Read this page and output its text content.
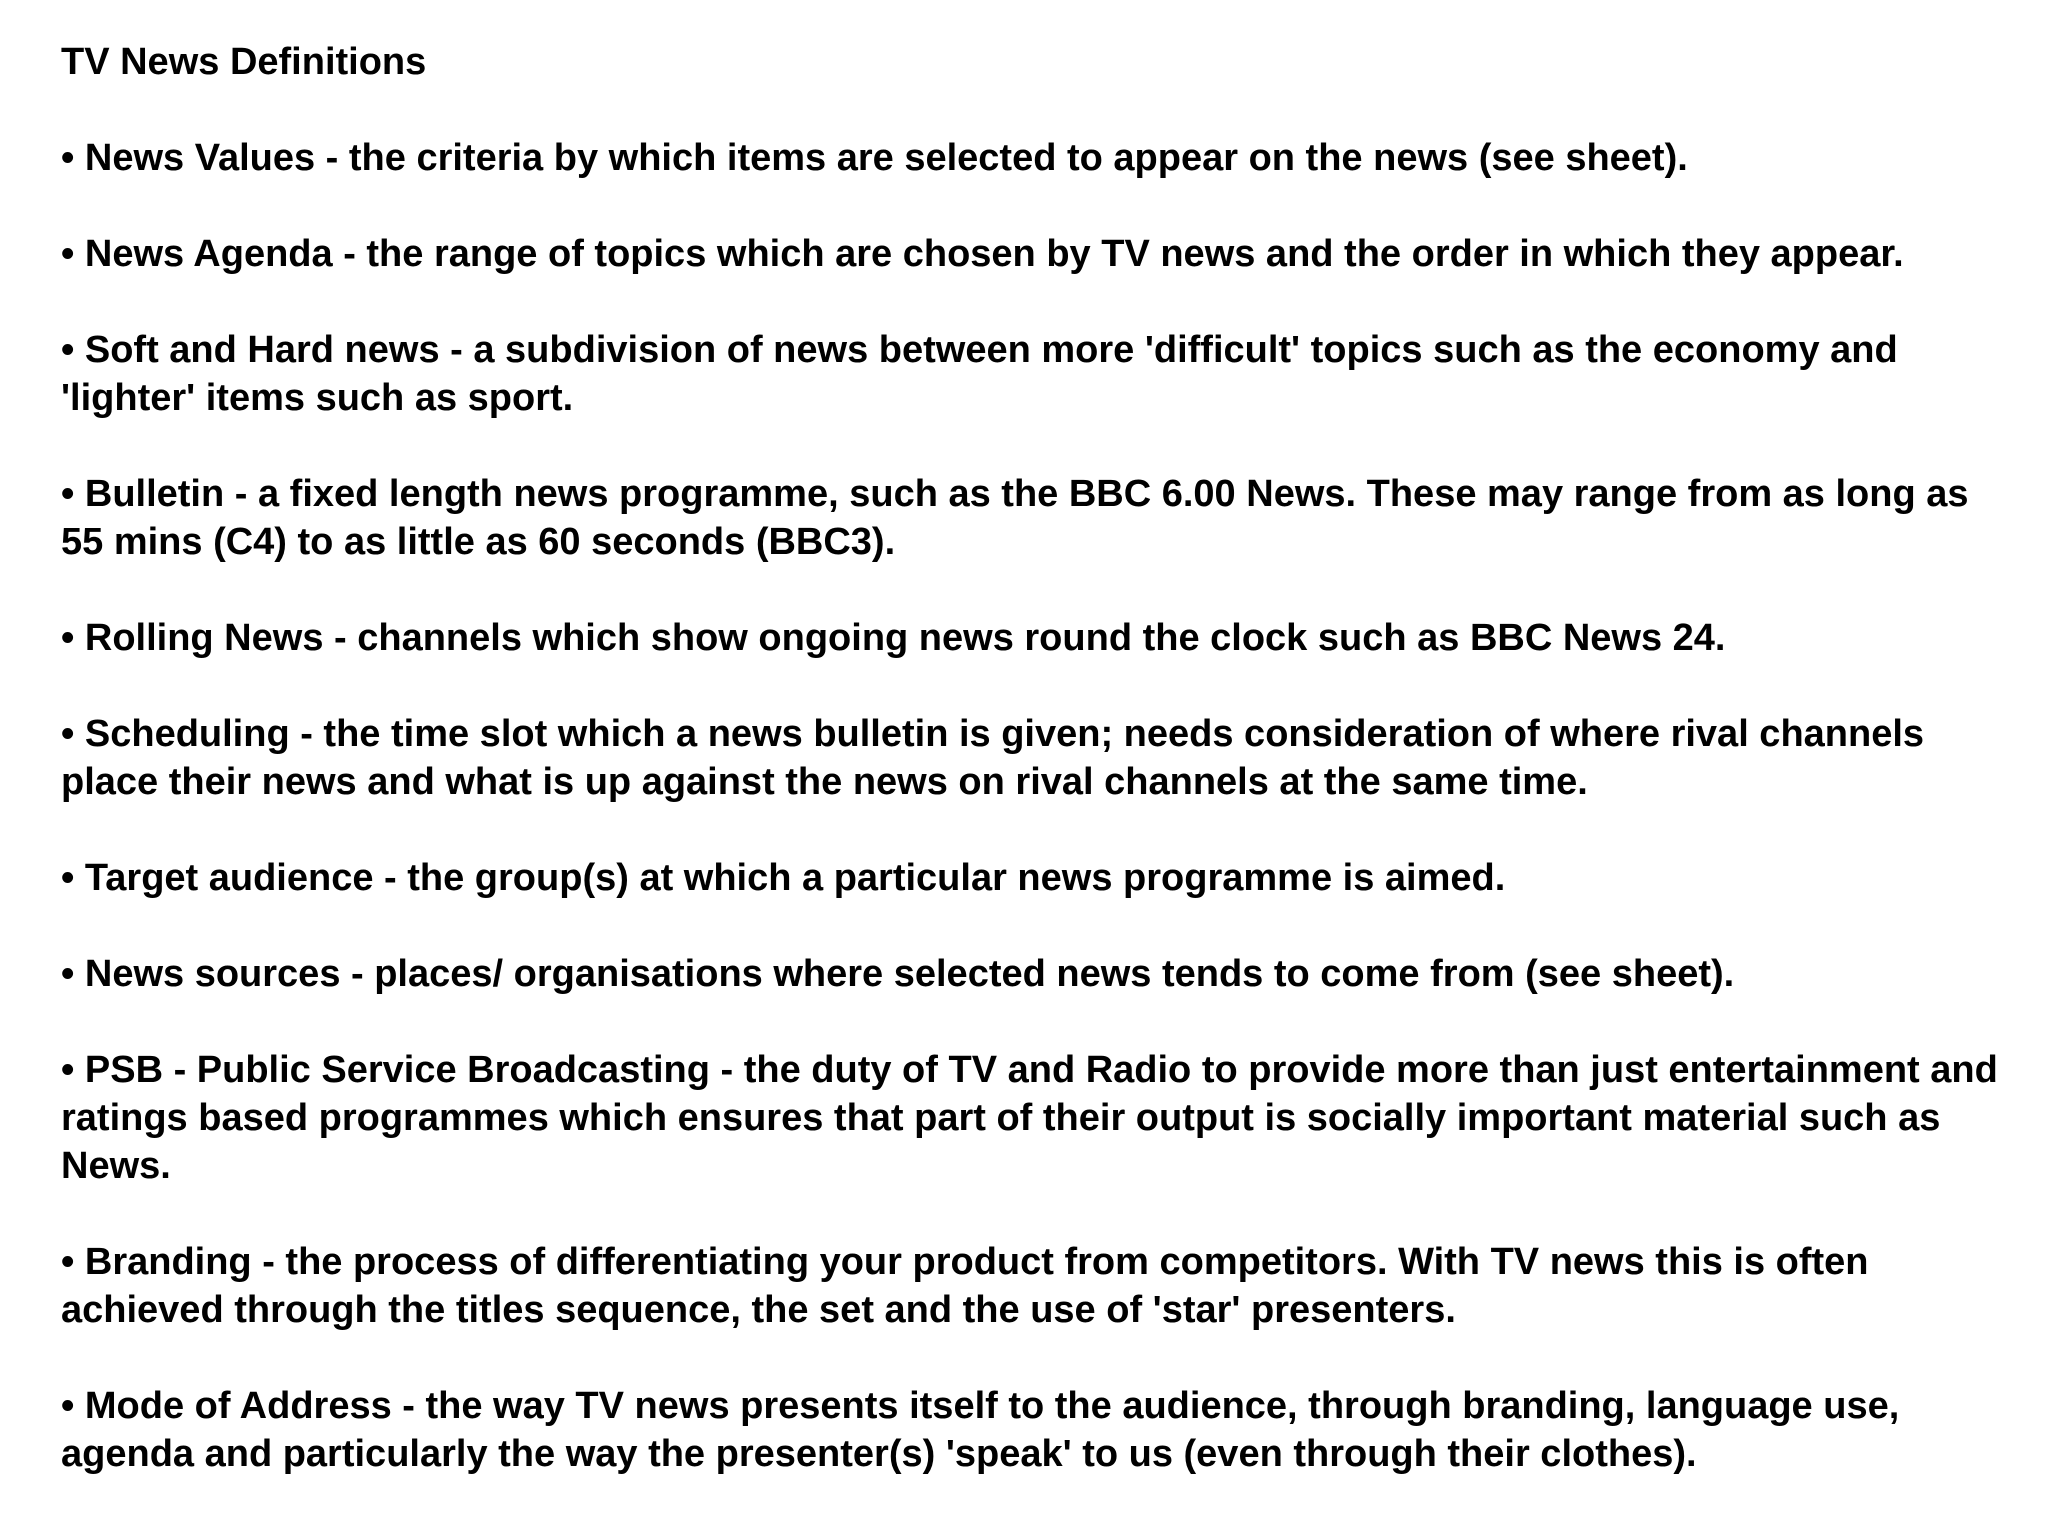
TV News Definitions
• News Values - the criteria by which items are selected to appear on the news (see sheet).
• News Agenda - the range of topics which are chosen by TV news and the order in which they appear.
• Soft and Hard news - a subdivision of news between more 'difficult' topics such as the economy and 'lighter' items such as sport.
• Bulletin - a fixed length news programme, such as the BBC 6.00 News. These may range from as long as 55 mins (C4) to as little as 60 seconds (BBC3).
• Rolling News - channels which show ongoing news round the clock such as BBC News 24.
• Scheduling - the time slot which a news bulletin is given; needs consideration of where rival channels place their news and what is up against the news on rival channels at the same time.
• Target audience - the group(s) at which a particular news programme is aimed.
• News sources - places/ organisations where selected news tends to come from (see sheet).
• PSB - Public Service Broadcasting - the duty of TV and Radio to provide more than just entertainment and ratings based programmes which ensures that part of their output is socially important material such as News.
• Branding - the process of differentiating your product from competitors. With TV news this is often achieved through the titles sequence, the set and the use of 'star' presenters.
• Mode of Address - the way TV news presents itself to the audience, through branding, language use, agenda and particularly the way the presenter(s) 'speak' to us (even through their clothes).
